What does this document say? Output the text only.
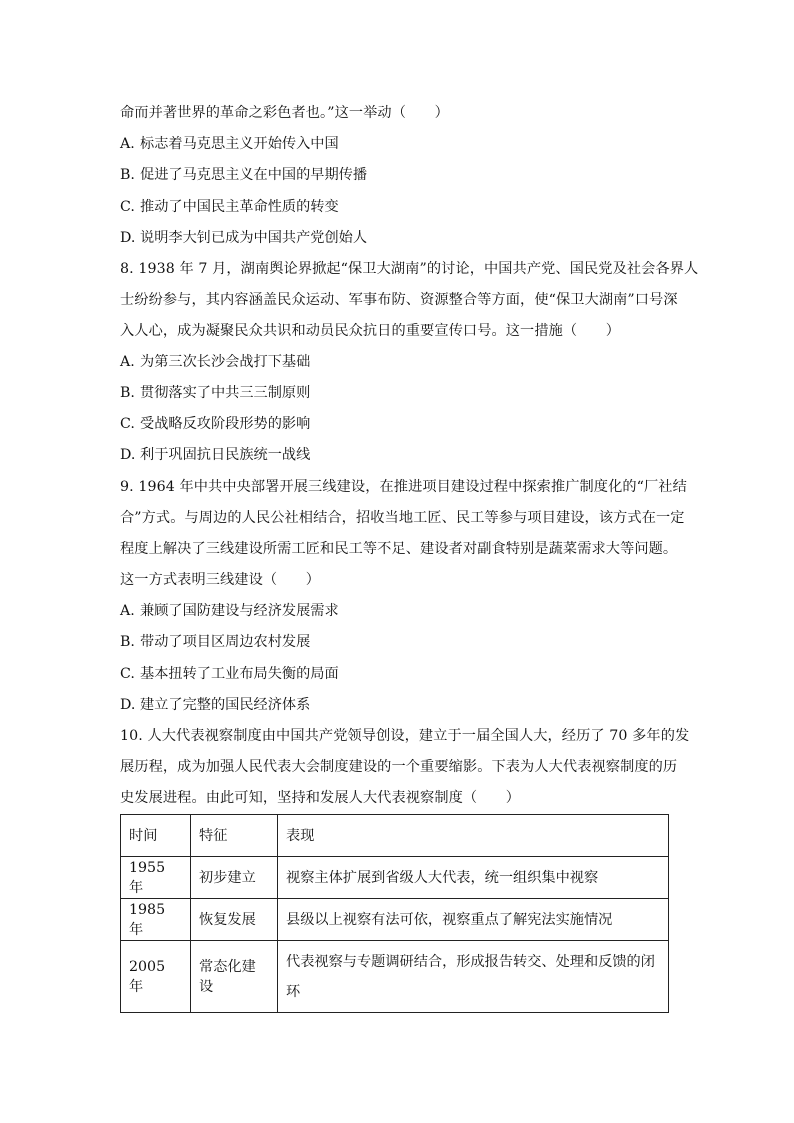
命而并著世界的革命之彩色者也。”这一举动（　　）
A. 标志着马克思主义开始传入中国
B. 促进了马克思主义在中国的早期传播
C. 推动了中国民主革命性质的转变
D. 说明李大钊已成为中国共产党创始人
8. 1938 年 7 月，湖南舆论界掀起“保卫大湖南”的讨论，中国共产党、国民党及社会各界人
士纷纷参与，其内容涵盖民众运动、军事布防、资源整合等方面，使“保卫大湖南”口号深
入人心，成为凝聚民众共识和动员民众抗日的重要宣传口号。这一措施（　　）
A. 为第三次长沙会战打下基础
B. 贯彻落实了中共三三制原则
C. 受战略反攻阶段形势的影响
D. 利于巩固抗日民族统一战线
9. 1964 年中共中央部署开展三线建设，在推进项目建设过程中探索推广制度化的“厂社结
合”方式。与周边的人民公社相结合，招收当地工匠、民工等参与项目建设，该方式在一定
程度上解决了三线建设所需工匠和民工等不足、建设者对副食特别是蔬菜需求大等问题。
这一方式表明三线建设（　　）
A. 兼顾了国防建设与经济发展需求
B. 带动了项目区周边农村发展
C. 基本扭转了工业布局失衡的局面
D. 建立了完整的国民经济体系
10. 人大代表视察制度由中国共产党领导创设，建立于一届全国人大，经历了 70 多年的发
展历程，成为加强人民代表大会制度建设的一个重要缩影。下表为人大代表视察制度的历
史发展进程。由此可知，坚持和发展人大代表视察制度（　　）
时间	特征	表现
1955 年	初步建立	视察主体扩展到省级人大代表，统一组织集中视察
1985 年	恢复发展	县级以上视察有法可依，视察重点了解宪法实施情况
2005 年	常态化建设	代表视察与专题调研结合，形成报告转交、处理和反馈的闭环
